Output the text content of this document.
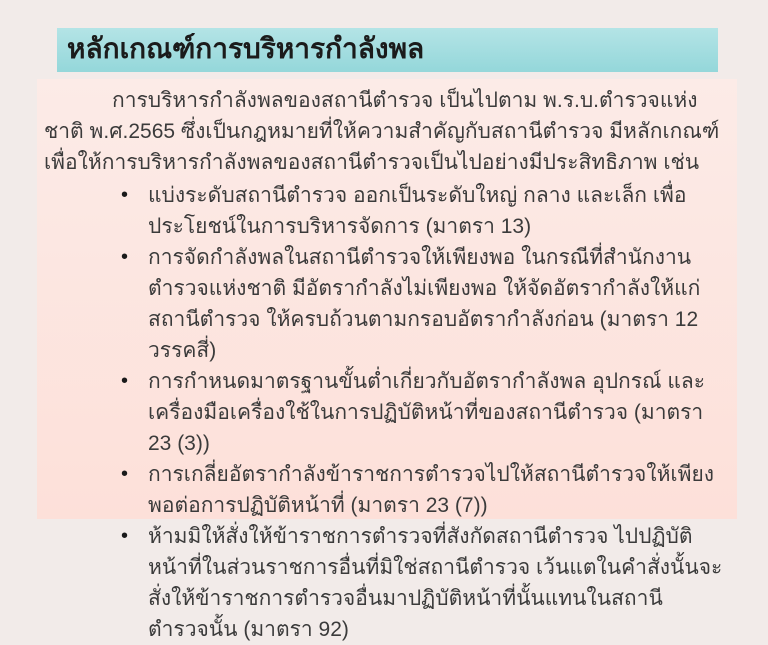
หลักเกณฑ์การบริหารกำลังพล

การบริหารกำลังพลของสถานีตำรวจ เป็นไปตาม พ.ร.บ.ตำรวจแห่งชาติ พ.ศ.2565 ซึ่งเป็นกฎหมายที่ให้ความสำคัญกับสถานีตำรวจ มีหลักเกณฑ์เพื่อให้การบริหารกำลังพลของสถานีตำรวจเป็นไปอย่างมีประสิทธิภาพ เช่น

• แบ่งระดับสถานีตำรวจ ออกเป็นระดับใหญ่ กลาง และเล็ก เพื่อประโยชน์ในการบริหารจัดการ (มาตรา 13)
• การจัดกำลังพลในสถานีตำรวจให้เพียงพอ ในกรณีที่สำนักงานตำรวจแห่งชาติ มีอัตรากำลังไม่เพียงพอ ให้จัดอัตรากำลังให้แก่สถานีตำรวจ ให้ครบถ้วนตามกรอบอัตรากำลังก่อน (มาตรา 12 วรรคสี่)
• การกำหนดมาตรฐานขั้นต่ำเกี่ยวกับอัตรากำลังพล อุปกรณ์ และเครื่องมือเครื่องใช้ในการปฏิบัติหน้าที่ของสถานีตำรวจ (มาตรา 23 (3))
• การเกลี่ยอัตรากำลังข้าราชการตำรวจไปให้สถานีตำรวจให้เพียงพอต่อการปฏิบัติหน้าที่ (มาตรา 23 (7))
• ห้ามมิให้สั่งให้ข้าราชการตำรวจที่สังกัดสถานีตำรวจ ไปปฏิบัติหน้าที่ในส่วนราชการอื่นที่มิใช่สถานีตำรวจ เว้นแตในคำสั่งนั้นจะสั่งให้ข้าราชการตำรวจอื่นมาปฏิบัติหน้าที่นั้นแทนในสถานีตำรวจนั้น (มาตรา 92)
